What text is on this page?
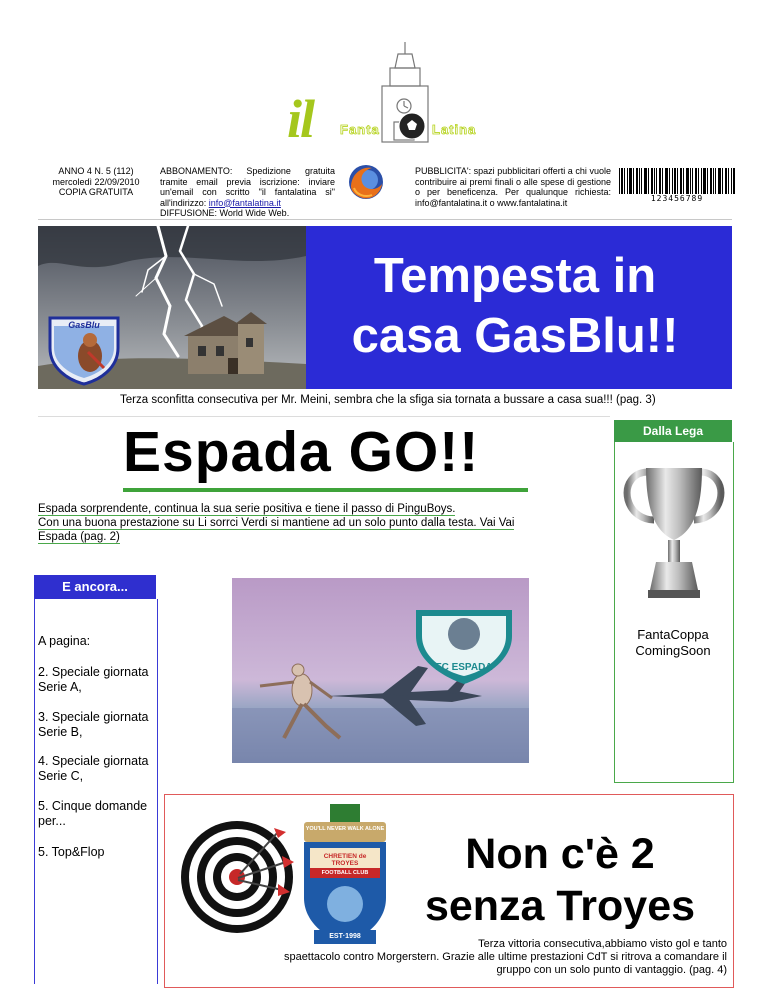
il Fanta	Latina
ANNO 4 N. 5 (112)
mercoledì 22/09/2010
COPIA GRATUITA
ABBONAMENTO: Spedizione gratuita tramite email previa iscrizione: inviare un'email con scritto "il fantalatina si" all'indirizzo: info@fantalatina.it
DIFFUSIONE: World Wide Web.
PUBBLICITA': spazi pubblicitari offerti a chi vuole contribuire ai premi finali o alle spese di gestione o per beneficenza. Per qualunque richiesta: info@fantalatina.it o www.fantalatina.it	123456789
GasBlu
Tempesta in
casa GasBlu!!
Terza sconfitta consecutiva per Mr. Meini, sembra che la sfiga sia tornata a bussare a casa sua!!! (pag. 3)
Espada GO!!
Espada sorprendente, continua la sua serie positiva e tiene il passo di PinguBoys.
Con una buona prestazione su Li sorrci Verdi si mantiene ad un solo punto dalla testa. Vai Vai
Espada (pag. 2)
Dalla Lega
FantaCoppa
ComingSoon
E ancora...
A pagina:
2. Speciale giornata Serie A,
3. Speciale giornata Serie B,
4. Speciale giornata Serie C,
5. Cinque domande per...
5. Top&Flop
FC ESPADA
YOU'LL NEVER WALK ALONE
CHRETIEN de TROYES
FOOTBALL CLUB
EST·1998
Non c'è 2
senza Troyes
Terza vittoria consecutiva,abbiamo visto gol e tanto
spaettacolo contro Morgerstern. Grazie alle ultime prestazioni CdT si ritrova a comandare il
gruppo con un solo punto di vantaggio. (pag. 4)
